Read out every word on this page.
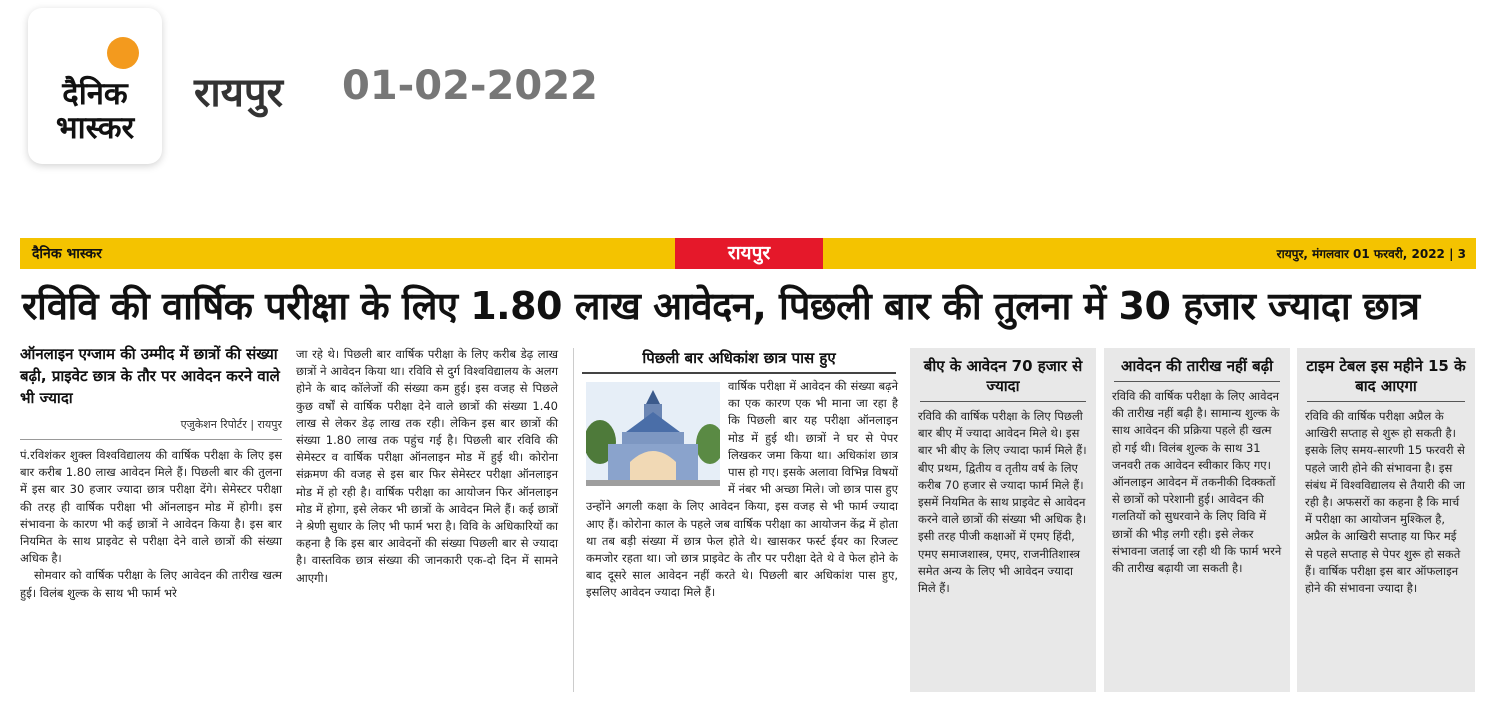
दैनिक
भास्कर
रायपुर 01-02-2022
दैनिक भास्कर	रायपुर	रायपुर, मंगलवार 01 फरवरी, 2022 | 3
रविवि की वार्षिक परीक्षा के लिए 1.80 लाख आवेदन, पिछली बार की तुलना में 30 हजार ज्यादा छात्र
ऑनलाइन एग्जाम की उम्मीद में छात्रों की संख्या बढ़ी, प्राइवेट छात्र के तौर पर आवेदन करने वाले भी ज्यादा
एजुकेशन रिपोर्टर | रायपुर
पं.रविशंकर शुक्ल विश्वविद्यालय की वार्षिक परीक्षा के लिए इस बार करीब 1.80 लाख आवेदन मिले हैं। पिछली बार की तुलना में इस बार 30 हजार ज्यादा छात्र परीक्षा देंगे। सेमेस्टर परीक्षा की तरह ही वार्षिक परीक्षा भी ऑनलाइन मोड में होगी। इस संभावना के कारण भी कई छात्रों ने आवेदन किया है। इस बार नियमित के साथ प्राइवेट से परीक्षा देने वाले छात्रों की संख्या अधिक है।
सोमवार को वार्षिक परीक्षा के लिए आवेदन की तारीख खत्म हुई। विलंब शुल्क के साथ भी फार्म भरे
जा रहे थे। पिछली बार वार्षिक परीक्षा के लिए करीब डेढ़ लाख छात्रों ने आवेदन किया था। रविवि से दुर्ग विश्वविद्यालय के अलग होने के बाद कॉलेजों की संख्या कम हुई। इस वजह से पिछले कुछ वर्षों से वार्षिक परीक्षा देने वाले छात्रों की संख्या 1.40 लाख से लेकर डेढ़ लाख तक रही। लेकिन इस बार छात्रों की संख्या 1.80 लाख तक पहुंच गई है। पिछली बार रविवि की सेमेस्टर व वार्षिक परीक्षा ऑनलाइन मोड में हुई थी। कोरोना संक्रमण की वजह से इस बार फिर सेमेस्टर परीक्षा ऑनलाइन मोड में हो रही है। वार्षिक परीक्षा का आयोजन फिर ऑनलाइन मोड में होगा, इसे लेकर भी छात्रों के आवेदन मिले हैं। कई छात्रों ने श्रेणी सुधार के लिए भी फार्म भरा है। विवि के अधिकारियों का कहना है कि इस बार आवेदनों की संख्या पिछली बार से ज्यादा है। वास्तविक छात्र संख्या की जानकारी एक-दो दिन में सामने आएगी।
पिछली बार अधिकांश छात्र पास हुए
वार्षिक परीक्षा में आवेदन की संख्या बढ़ने का एक कारण एक भी माना जा रहा है कि पिछली बार यह परीक्षा ऑनलाइन मोड में हुई थी। छात्रों ने घर से पेपर लिखकर जमा किया था। अधिकांश छात्र पास हो गए। इसके अलावा विभिन्न विषयों में नंबर भी अच्छा मिले। जो छात्र पास हुए उन्होंने अगली कक्षा के लिए आवेदन किया, इस वजह से भी फार्म ज्यादा आए हैं। कोरोना काल के पहले जब वार्षिक परीक्षा का आयोजन केंद्र में होता था तब बड़ी संख्या में छात्र फेल होते थे। खासकर फर्स्ट ईयर का रिजल्ट कमजोर रहता था। जो छात्र प्राइवेट के तौर पर परीक्षा देते थे वे फेल होने के बाद दूसरे साल आवेदन नहीं करते थे। पिछली बार अधिकांश पास हुए, इसलिए आवेदन ज्यादा मिले हैं।
बीए के आवेदन 70 हजार से ज्यादा
रविवि की वार्षिक परीक्षा के लिए पिछली बार बीए में ज्यादा आवेदन मिले थे। इस बार भी बीए के लिए ज्यादा फार्म मिले हैं। बीए प्रथम, द्वितीय व तृतीय वर्ष के लिए करीब 70 हजार से ज्यादा फार्म मिले हैं। इसमें नियमित के साथ प्राइवेट से आवेदन करने वाले छात्रों की संख्या भी अधिक है। इसी तरह पीजी कक्षाओं में एमए हिंदी, एमए समाजशास्त्र, एमए, राजनीतिशास्त्र समेत अन्य के लिए भी आवेदन ज्यादा मिले हैं।
आवेदन की तारीख नहीं बढ़ी
रविवि की वार्षिक परीक्षा के लिए आवेदन की तारीख नहीं बढ़ी है। सामान्य शुल्क के साथ आवेदन की प्रक्रिया पहले ही खत्म हो गई थी। विलंब शुल्क के साथ 31 जनवरी तक आवेदन स्वीकार किए गए। ऑनलाइन आवेदन में तकनीकी दिक्कतों से छात्रों को परेशानी हुई। आवेदन की गलतियों को सुधरवाने के लिए विवि में छात्रों की भीड़ लगी रही। इसे लेकर संभावना जताई जा रही थी कि फार्म भरने की तारीख बढ़ायी जा सकती है।
टाइम टेबल इस महीने 15 के बाद आएगा
रविवि की वार्षिक परीक्षा अप्रैल के आखिरी सप्ताह से शुरू हो सकती है। इसके लिए समय-सारणी 15 फरवरी से पहले जारी होने की संभावना है। इस संबंध में विश्वविद्यालय से तैयारी की जा रही है। अफसरों का कहना है कि मार्च में परीक्षा का आयोजन मुश्किल है, अप्रैल के आखिरी सप्ताह या फिर मई से पहले सप्ताह से पेपर शुरू हो सकते हैं। वार्षिक परीक्षा इस बार ऑफलाइन होने की संभावना ज्यादा है।
